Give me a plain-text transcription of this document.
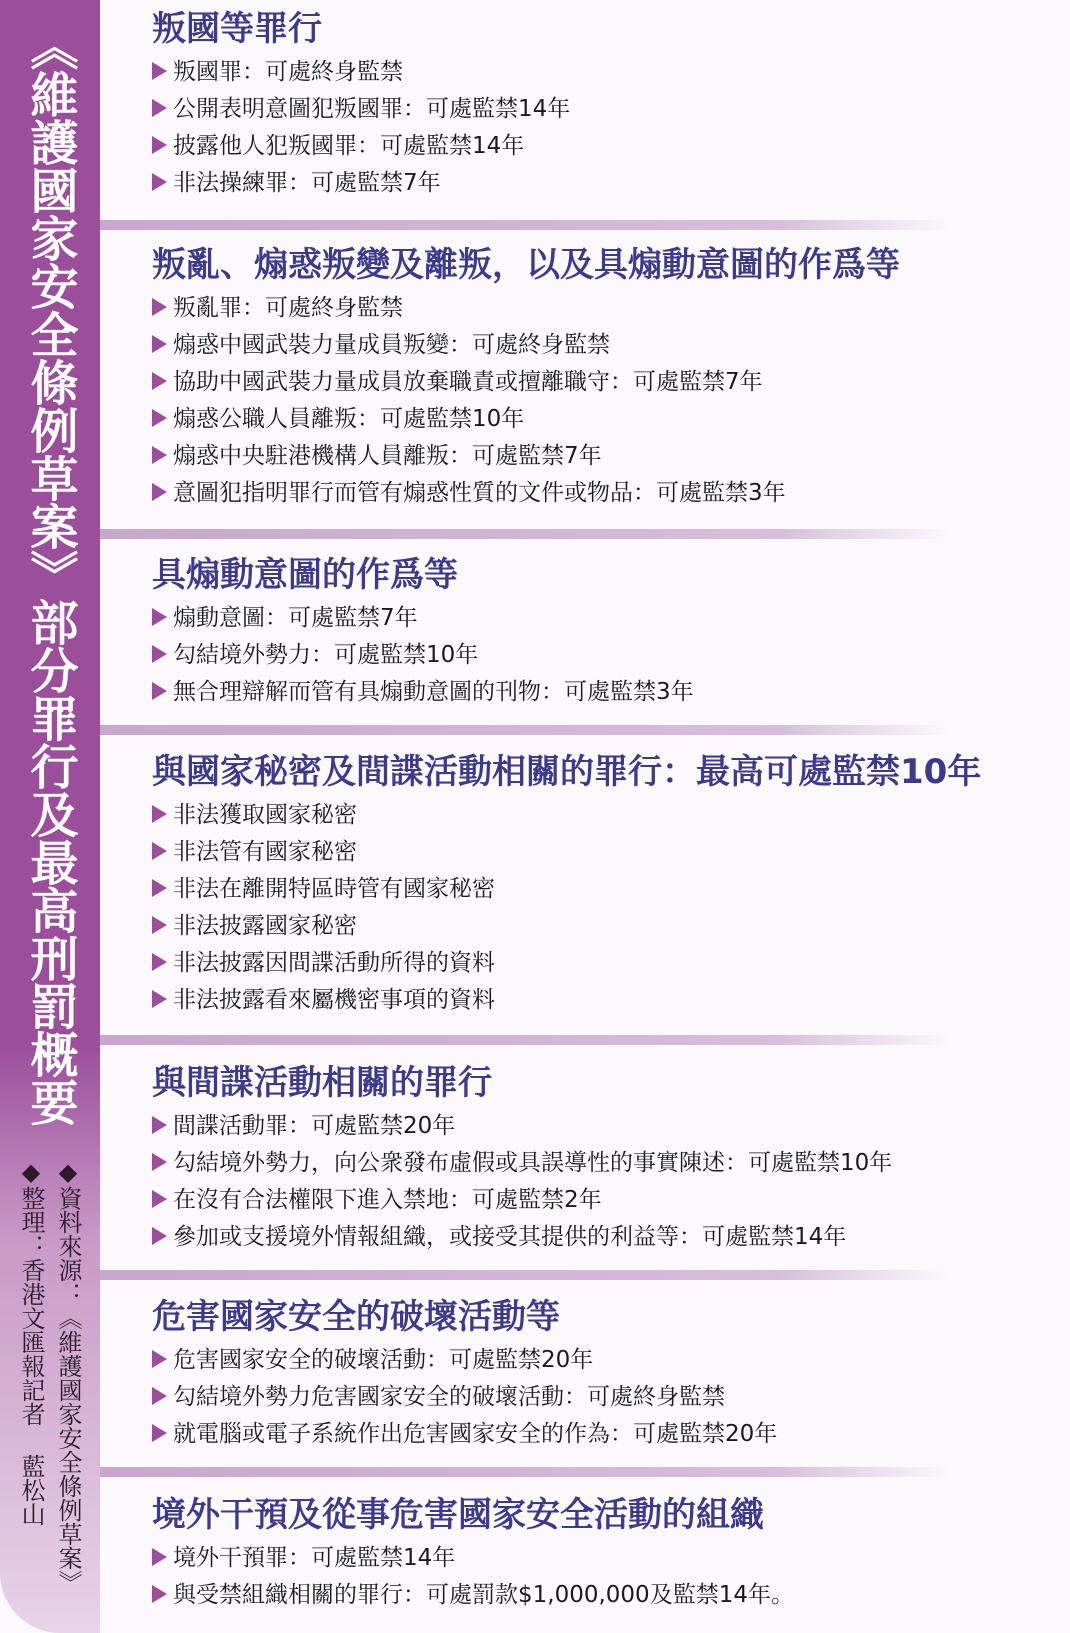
《維護國家安全條例草案》部分罪行及最高刑罰概要
◆資料來源：《維護國家安全條例草案》
◆整理：香港文匯報記者 藍松山
叛國等罪行
叛國罪：可處終身監禁
公開表明意圖犯叛國罪：可處監禁14年
披露他人犯叛國罪：可處監禁14年
非法操練罪：可處監禁7年
叛亂、煽惑叛變及離叛，以及具煽動意圖的作爲等
叛亂罪：可處終身監禁
煽惑中國武裝力量成員叛變：可處終身監禁
協助中國武裝力量成員放棄職責或擅離職守：可處監禁7年
煽惑公職人員離叛：可處監禁10年
煽惑中央駐港機構人員離叛：可處監禁7年
意圖犯指明罪行而管有煽惑性質的文件或物品：可處監禁3年
具煽動意圖的作爲等
煽動意圖：可處監禁7年
勾結境外勢力：可處監禁10年
無合理辯解而管有具煽動意圖的刊物：可處監禁3年
與國家秘密及間諜活動相關的罪行：最高可處監禁10年
非法獲取國家秘密
非法管有國家秘密
非法在離開特區時管有國家秘密
非法披露國家秘密
非法披露因間諜活動所得的資料
非法披露看來屬機密事項的資料
與間諜活動相關的罪行
間諜活動罪：可處監禁20年
勾結境外勢力，向公衆發布虛假或具誤導性的事實陳述：可處監禁10年
在沒有合法權限下進入禁地：可處監禁2年
參加或支援境外情報組織，或接受其提供的利益等：可處監禁14年
危害國家安全的破壞活動等
危害國家安全的破壞活動：可處監禁20年
勾結境外勢力危害國家安全的破壞活動：可處終身監禁
就電腦或電子系統作出危害國家安全的作為：可處監禁20年
境外干預及從事危害國家安全活動的組織
境外干預罪：可處監禁14年
與受禁組織相關的罪行：可處罰款$1,000,000及監禁14年。
